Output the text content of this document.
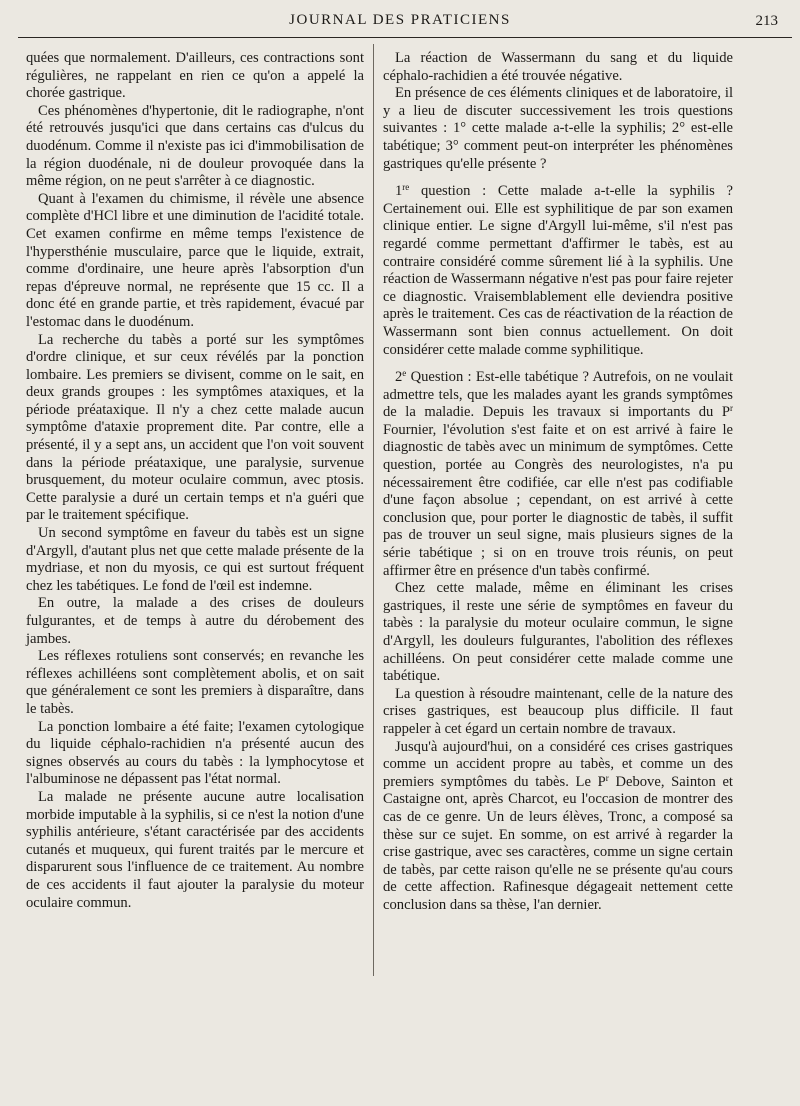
JOURNAL DES PRATICIENS	213

quées que normalement. D'ailleurs, ces contractions sont régulières, ne rappelant en rien ce qu'on a appelé la chorée gastrique.

Ces phénomènes d'hypertonie, dit le radiographe, n'ont été retrouvés jusqu'ici que dans certains cas d'ulcus du duodénum. Comme il n'existe pas ici d'immobilisation de la région duodénale, ni de douleur provoquée dans la même région, on ne peut s'arrêter à ce diagnostic.

Quant à l'examen du chimisme, il révèle une absence complète d'HCl libre et une diminution de l'acidité totale. Cet examen confirme en même temps l'existence de l'hypersthénie musculaire, parce que le liquide, extrait, comme d'ordinaire, une heure après l'absorption d'un repas d'épreuve normal, ne représente que 15 cc. Il a donc été en grande partie, et très rapidement, évacué par l'estomac dans le duodénum.

La recherche du tabès a porté sur les symptômes d'ordre clinique, et sur ceux révélés par la ponction lombaire. Les premiers se divisent, comme on le sait, en deux grands groupes : les symptômes ataxiques, et la période préataxique. Il n'y a chez cette malade aucun symptôme d'ataxie proprement dite. Par contre, elle a présenté, il y a sept ans, un accident que l'on voit souvent dans la période préataxique, une paralysie, survenue brusquement, du moteur oculaire commun, avec ptosis. Cette paralysie a duré un certain temps et n'a guéri que par le traitement spécifique.

Un second symptôme en faveur du tabès est un signe d'Argyll, d'autant plus net que cette malade présente de la mydriase, et non du myosis, ce qui est surtout fréquent chez les tabétiques. Le fond de l'œil est indemne.

En outre, la malade a des crises de douleurs fulgurantes, et de temps à autre du dérobement des jambes.

Les réflexes rotuliens sont conservés; en revanche les réflexes achilléens sont complètement abolis, et on sait que généralement ce sont les premiers à disparaître, dans le tabès.

La ponction lombaire a été faite; l'examen cytologique du liquide céphalo-rachidien n'a présenté aucun des signes observés au cours du tabès : la lymphocytose et l'albuminose ne dépassent pas l'état normal.

La malade ne présente aucune autre localisation morbide imputable à la syphilis, si ce n'est la notion d'une syphilis antérieure, s'étant caractérisée par des accidents cutanés et muqueux, qui furent traités par le mercure et disparurent sous l'influence de ce traitement. Au nombre de ces accidents il faut ajouter la paralysie du moteur oculaire commun.

La réaction de Wassermann du sang et du liquide céphalo-rachidien a été trouvée négative.

En présence de ces éléments cliniques et de laboratoire, il y a lieu de discuter successivement les trois questions suivantes : 1° cette malade a-t-elle la syphilis; 2° est-elle tabétique; 3° comment peut-on interpréter les phénomènes gastriques qu'elle présente ?

1re question : Cette malade a-t-elle la syphilis ? Certainement oui. Elle est syphilitique de par son examen clinique entier. Le signe d'Argyll lui-même, s'il n'est pas regardé comme permettant d'affirmer le tabès, est au contraire considéré comme sûrement lié à la syphilis. Une réaction de Wassermann négative n'est pas pour faire rejeter ce diagnostic. Vraisemblablement elle deviendra positive après le traitement. Ces cas de réactivation de la réaction de Wassermann sont bien connus actuellement. On doit considérer cette malade comme syphilitique.

2e Question : Est-elle tabétique ? Autrefois, on ne voulait admettre tels, que les malades ayant les grands symptômes de la maladie. Depuis les travaux si importants du $P^r$ Fournier, l'évolution s'est faite et on est arrivé à faire le diagnostic de tabès avec un minimum de symptômes. Cette question, portée au Congrès des neurologistes, n'a pu nécessairement être codifiée, car elle n'est pas codifiable d'une façon absolue ; cependant, on est arrivé à cette conclusion que, pour porter le diagnostic de tabès, il suffit pas de trouver un seul signe, mais plusieurs signes de la série tabétique ; si on en trouve trois réunis, on peut affirmer être en présence d'un tabès confirmé.

Chez cette malade, même en éliminant les crises gastriques, il reste une série de symptômes en faveur du tabès : la paralysie du moteur oculaire commun, le signe d'Argyll, les douleurs fulgurantes, l'abolition des réflexes achilléens. On peut considérer cette malade comme une tabétique.

La question à résoudre maintenant, celle de la nature des crises gastriques, est beaucoup plus difficile. Il faut rappeler à cet égard un certain nombre de travaux.

Jusqu'à aujourd'hui, on a considéré ces crises gastriques comme un accident propre au tabès, et comme un des premiers symptômes du tabès. Le $P^r$ Debove, Sainton et Castaigne ont, après Charcot, eu l'occasion de montrer des cas de ce genre. Un de leurs élèves, Tronc, a composé sa thèse sur ce sujet. En somme, on est arrivé à regarder la crise gastrique, avec ses caractères, comme un signe certain de tabès, par cette raison qu'elle ne se présente qu'au cours de cette affection. Rafinesque dégageait nettement cette conclusion dans sa thèse, l'an dernier.
